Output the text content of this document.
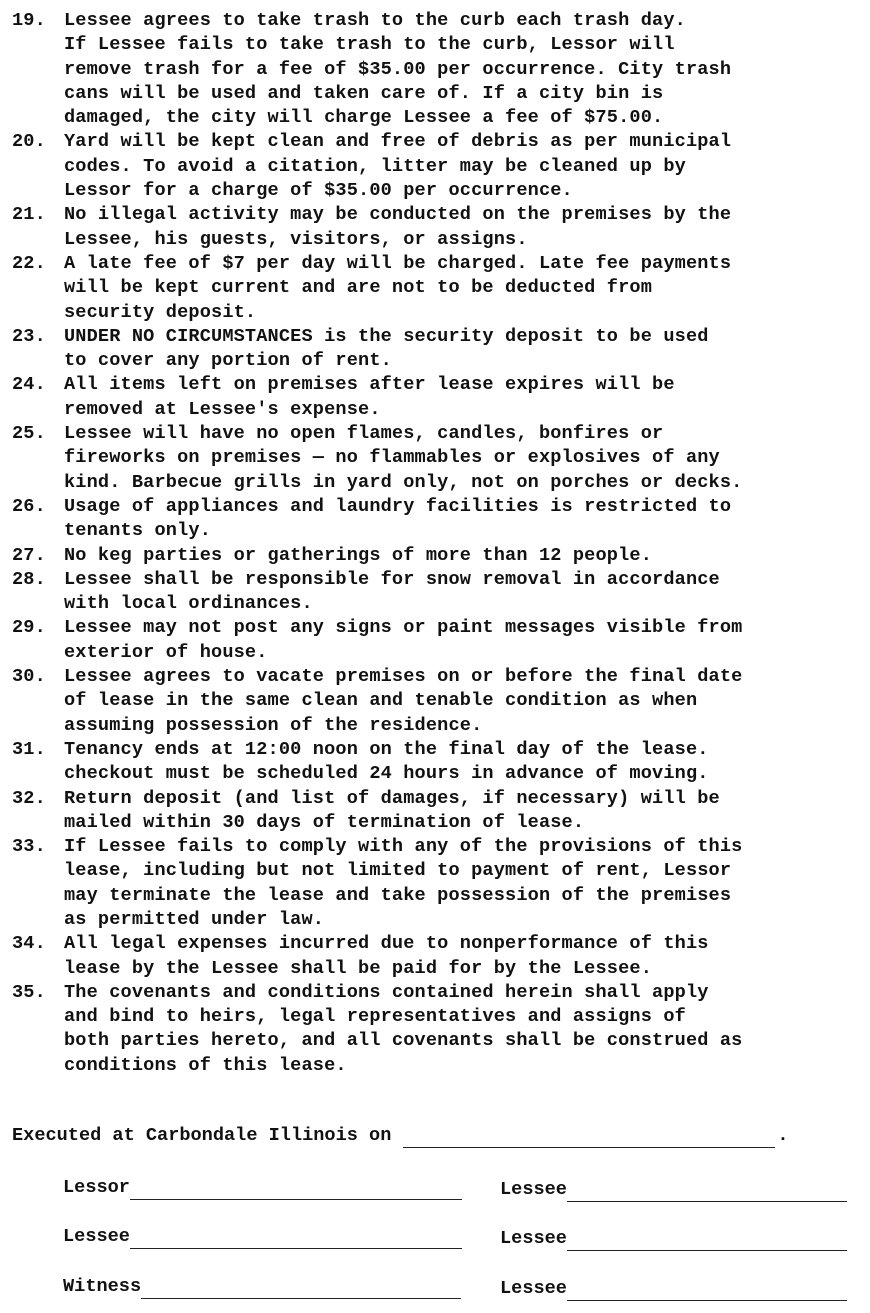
19. Lessee agrees to take trash to the curb each trash day.
If Lessee fails to take trash to the curb, Lessor will
remove trash for a fee of $35.00 per occurrence. City trash
cans will be used and taken care of. If a city bin is
damaged, the city will charge Lessee a fee of $75.00.
20. Yard will be kept clean and free of debris as per municipal
codes. To avoid a citation, litter may be cleaned up by
Lessor for a charge of $35.00 per occurrence.
21. No illegal activity may be conducted on the premises by the
Lessee, his guests, visitors, or assigns.
22. A late fee of $7 per day will be charged. Late fee payments
will be kept current and are not to be deducted from
security deposit.
23. UNDER NO CIRCUMSTANCES is the security deposit to be used
to cover any portion of rent.
24. All items left on premises after lease expires will be
removed at Lessee's expense.
25. Lessee will have no open flames, candles, bonfires or
fireworks on premises — no flammables or explosives of any
kind. Barbecue grills in yard only, not on porches or decks.
26. Usage of appliances and laundry facilities is restricted to
tenants only.
27. No keg parties or gatherings of more than 12 people.
28. Lessee shall be responsible for snow removal in accordance
with local ordinances.
29. Lessee may not post any signs or paint messages visible from
exterior of house.
30. Lessee agrees to vacate premises on or before the final date
of lease in the same clean and tenable condition as when
assuming possession of the residence.
31. Tenancy ends at 12:00 noon on the final day of the lease.
checkout must be scheduled 24 hours in advance of moving.
32. Return deposit (and list of damages, if necessary) will be
mailed within 30 days of termination of lease.
33. If Lessee fails to comply with any of the provisions of this
lease, including but not limited to payment of rent, Lessor
may terminate the lease and take possession of the premises
as permitted under law.
34. All legal expenses incurred due to nonperformance of this
lease by the Lessee shall be paid for by the Lessee.
35. The covenants and conditions contained herein shall apply
and bind to heirs, legal representatives and assigns of
both parties hereto, and all covenants shall be construed as
conditions of this lease.
Executed at Carbondale Illinois on	.
Lessor	Lessee
Lessee	Lessee
Witness	Lessee
